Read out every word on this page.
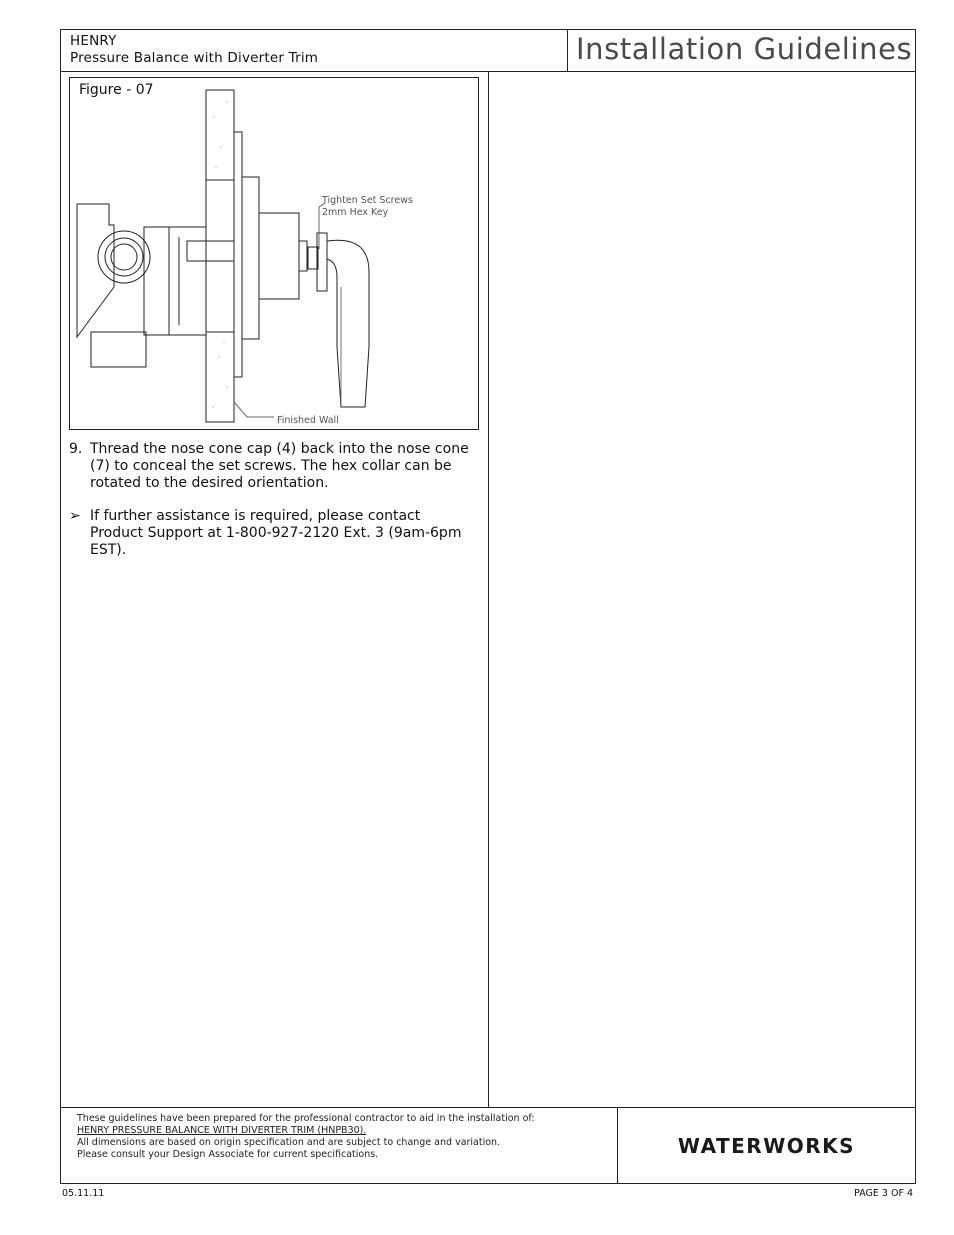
HENRY
Pressure Balance with Diverter Trim	Installation Guidelines
Tighten Set Screws
2mm Hex Key
Finished Wall
Figure - 07

9. Thread the nose cone cap (4) back into the nose cone (7) to conceal the set screws. The hex collar can be rotated to the desired orientation.

➢ If further assistance is required, please contact Product Support at 1-800-927-2120 Ext. 3 (9am-6pm EST).

These guidelines have been prepared for the professional contractor to aid in the installation of:
HENRY PRESSURE BALANCE WITH DIVERTER TRIM (HNPB30).
All dimensions are based on origin specification and are subject to change and variation.
Please consult your Design Associate for current specifications.	WATERWORKS
05.11.11	PAGE 3 OF 4
